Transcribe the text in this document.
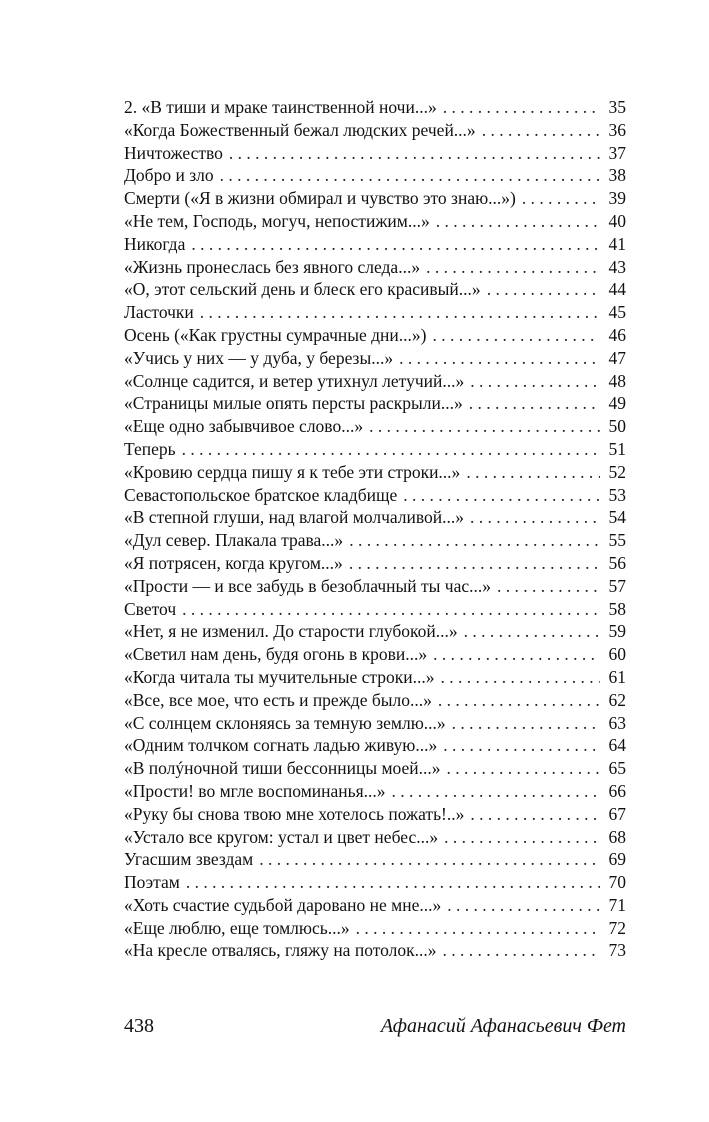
2. «В тиши и мраке таинственной ночи...» . . .	35
«Когда Божественный бежал людских речей...» . . .	36
Ничтожество . . .	37
Добро и зло . . .	38
Смерти («Я в жизни обмирал и чувство это знаю...») . . .	39
«Не тем, Господь, могуч, непостижим...» . . .	40
Никогда . . .	41
«Жизнь пронеслась без явного следа...» . . .	43
«О, этот сельский день и блеск его красивый...» . . .	44
Ласточки . . .	45
Осень («Как грустны сумрачные дни...») . . .	46
«Учись у них — у дуба, у березы...» . . .	47
«Солнце садится, и ветер утихнул летучий...» . . .	48
«Страницы милые опять персты раскрыли...» . . .	49
«Еще одно забывчивое слово...» . . .	50
Теперь . . .	51
«Кровию сердца пишу я к тебе эти строки...» . . .	52
Севастопольское братское кладбище . . .	53
«В степной глуши, над влагой молчаливой...» . . .	54
«Дул север. Плакала трава...» . . .	55
«Я потрясен, когда кругом...» . . .	56
«Прости — и все забудь в безоблачный ты час...» . . .	57
Светоч . . .	58
«Нет, я не изменил. До старости глубокой...» . . .	59
«Светил нам день, будя огонь в крови...» . . .	60
«Когда читала ты мучительные строки...» . . .	61
«Все, все мое, что есть и прежде было...» . . .	62
«С солнцем склоняясь за темную землю...» . . .	63
«Одним толчком согнать ладью живую...» . . .	64
«В полýночной тиши бессонницы моей...» . . .	65
«Прости! во мгле воспоминанья...» . . .	66
«Руку бы снова твою мне хотелось пожать!..» . . .	67
«Устало все кругом: устал и цвет небес...» . . .	68
Угасшим звездам . . .	69
Поэтам . . .	70
«Хоть счастие судьбой даровано не мне...» . . .	71
«Еще люблю, еще томлюсь...» . . .	72
«На кресле отвалясь, гляжу на потолок...» . . .	73
438	Афанасий Афанасьевич Фет
